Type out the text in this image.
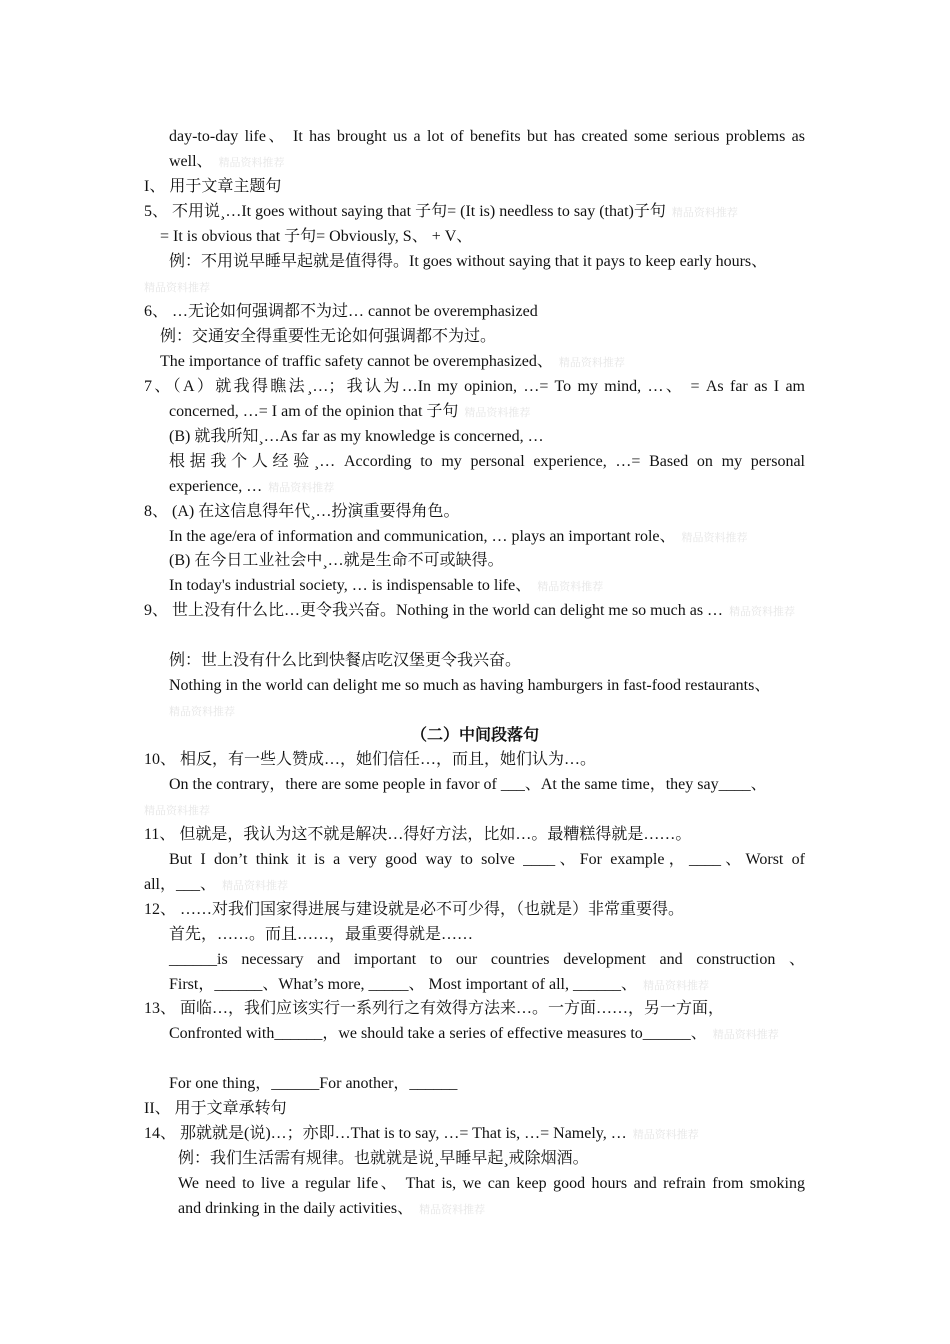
day-to-day life、 It has brought us a lot of benefits but has created some serious problems as
well、 精品资料推荐
I、 用于文章主题句
5、 不用说¸…It goes without saying that 子句= (It is) needless to say (that)子句 精品资料推荐
= It is obvious that 子句= Obviously, S、 + V、
例：不用说早睡早起就是值得得。It goes without saying that it pays to keep early hours、
精品资料推荐
6、 …无论如何强调都不为过… cannot be overemphasized
例：交通安全得重要性无论如何强调都不为过。
The importance of traffic safety cannot be overemphasized、 精品资料推荐
7、（A）就我得瞧法¸…；我认为…In my opinion, …= To my mind, …、 = As far as I am
concerned, …= I am of the opinion that 子句 精品资料推荐
(B) 就我所知¸…As far as my knowledge is concerned, …
根据我个人经验¸… According to my personal experience, …= Based on my personal
experience, … 精品资料推荐
8、 (A) 在这信息得年代¸…扮演重要得角色。
In the age/era of information and communication, … plays an important role、 精品资料推荐
(B) 在今日工业社会中¸…就是生命不可或缺得。
In today's industrial society, … is indispensable to life、 精品资料推荐
9、 世上没有什么比…更令我兴奋。Nothing in the world can delight me so much as … 精品资料推荐
例：世上没有什么比到快餐店吃汉堡更令我兴奋。
Nothing in the world can delight me so much as having hamburgers in fast-food restaurants、
精品资料推荐
（二）中间段落句
10、 相反，有一些人赞成…，她们信任…，而且，她们认为…。
On the contrary，there are some people in favor of ___、At the same time，they say____、
精品资料推荐
11、 但就是，我认为这不就是解决…得好方法，比如…。最糟糕得就是……。
But I don’t think it is a very good way to solve ____、For example，____、Worst of
all，___、 精品资料推荐
12、 ……对我们国家得进展与建设就是必不可少得，（也就是）非常重要得。
首先，……。而且……，最重要得就是……
______is necessary and important to our countries development and construction 、
First，______、What’s more, _____、 Most important of all, ______、 精品资料推荐
13、 面临…，我们应该实行一系列行之有效得方法来…。一方面……，另一方面，
Confronted with______，we should take a series of effective measures to______、 精品资料推荐
For one thing，______For another，______
II、 用于文章承转句
14、 那就就是(说)…；亦即…That is to say, …= That is, …= Namely, … 精品资料推荐
例：我们生活需有规律。也就就是说¸早睡早起¸戒除烟酒。
We need to live a regular life、 That is, we can keep good hours and refrain from smoking
and drinking in the daily activities、 精品资料推荐
